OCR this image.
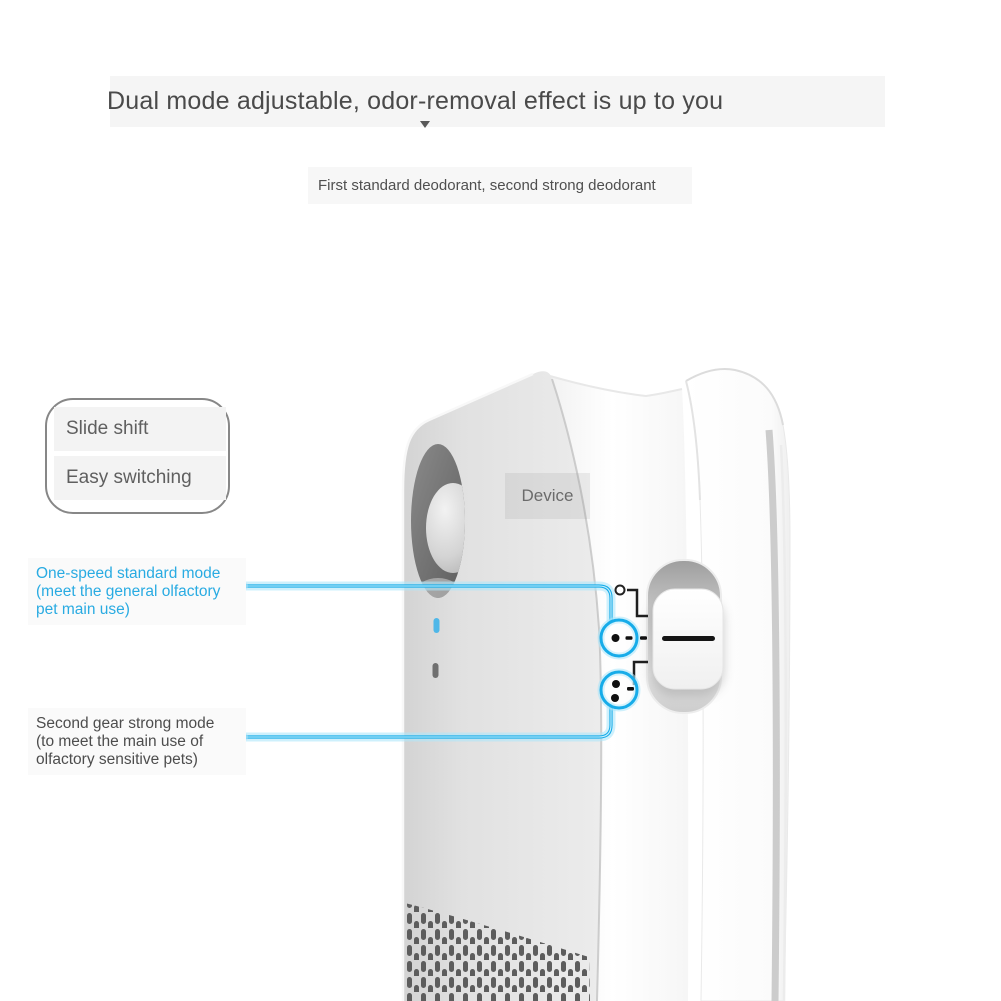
Dual mode adjustable, odor-removal effect is up to you
First standard deodorant, second strong deodorant
Slide shift
Easy switching
One-speed standard mode
(meet the general olfactory
pet main use)
Second gear strong mode
(to meet the main use of
olfactory sensitive pets)
Device
